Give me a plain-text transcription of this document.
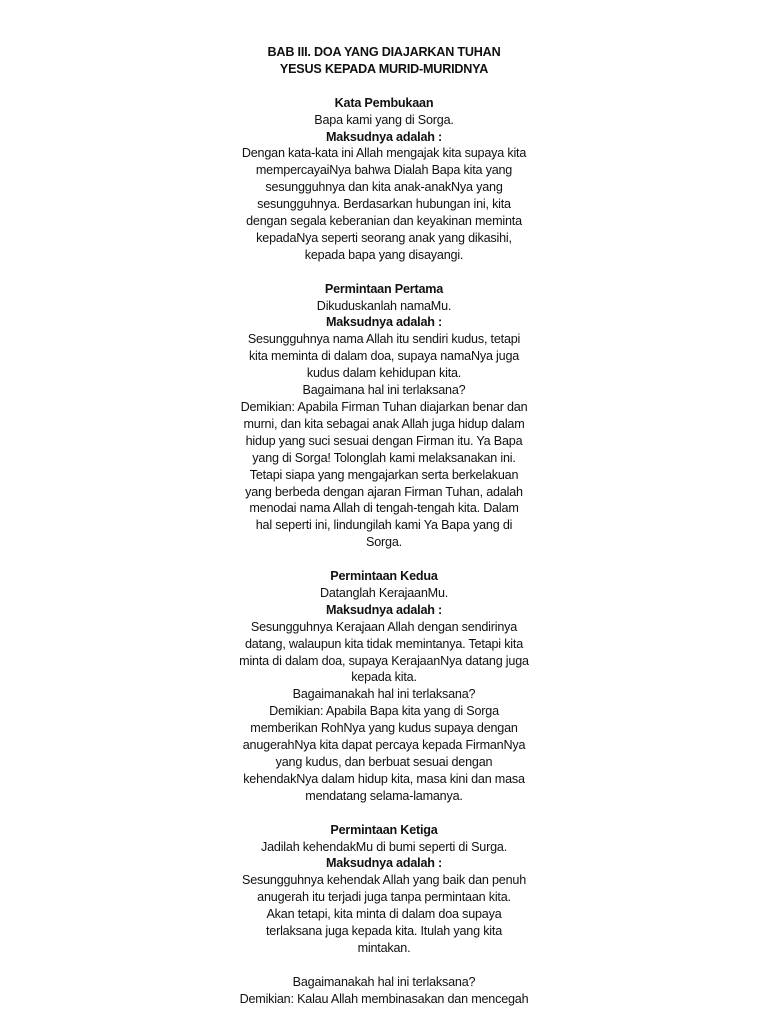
BAB III. DOA YANG DIAJARKAN TUHAN
YESUS KEPADA MURID-MURIDNYA
Kata Pembukaan
Bapa kami yang di Sorga.
Maksudnya adalah :
Dengan kata-kata ini Allah mengajak kita supaya kita
mempercayaiNya bahwa Dialah Bapa kita yang
sesungguhnya dan kita anak-anakNya yang
sesungguhnya. Berdasarkan hubungan ini, kita
dengan segala keberanian dan keyakinan meminta
kepadaNya seperti seorang anak yang dikasihi,
kepada bapa yang disayangi.
Permintaan Pertama
Dikuduskanlah namaMu.
Maksudnya adalah :
Sesungguhnya nama Allah itu sendiri kudus, tetapi
kita meminta di dalam doa, supaya namaNya juga
kudus dalam kehidupan kita.
Bagaimana hal ini terlaksana?
Demikian: Apabila Firman Tuhan diajarkan benar dan
murni, dan kita sebagai anak Allah juga hidup dalam
hidup yang suci sesuai dengan Firman itu. Ya Bapa
yang di Sorga! Tolonglah kami melaksanakan ini.
Tetapi siapa yang mengajarkan serta berkelakuan
yang berbeda dengan ajaran Firman Tuhan, adalah
menodai nama Allah di tengah-tengah kita. Dalam
hal seperti ini, lindungilah kami Ya Bapa yang di
Sorga.
Permintaan Kedua
Datanglah KerajaanMu.
Maksudnya adalah :
Sesungguhnya Kerajaan Allah dengan sendirinya
datang, walaupun kita tidak memintanya. Tetapi kita
minta di dalam doa, supaya KerajaanNya datang juga
kepada kita.
Bagaimanakah hal ini terlaksana?
Demikian: Apabila Bapa kita yang di Sorga
memberikan RohNya yang kudus supaya dengan
anugerahNya kita dapat percaya kepada FirmanNya
yang kudus, dan berbuat sesuai dengan
kehendakNya dalam hidup kita, masa kini dan masa
mendatang selama-lamanya.
Permintaan Ketiga
Jadilah kehendakMu di bumi seperti di Surga.
Maksudnya adalah :
Sesungguhnya kehendak Allah yang baik dan penuh
anugerah itu terjadi juga tanpa permintaan kita.
Akan tetapi, kita minta di dalam doa supaya
terlaksana juga kepada kita. Itulah yang kita
mintakan.
Bagaimanakah hal ini terlaksana?
Demikian: Kalau Allah membinasakan dan mencegah
